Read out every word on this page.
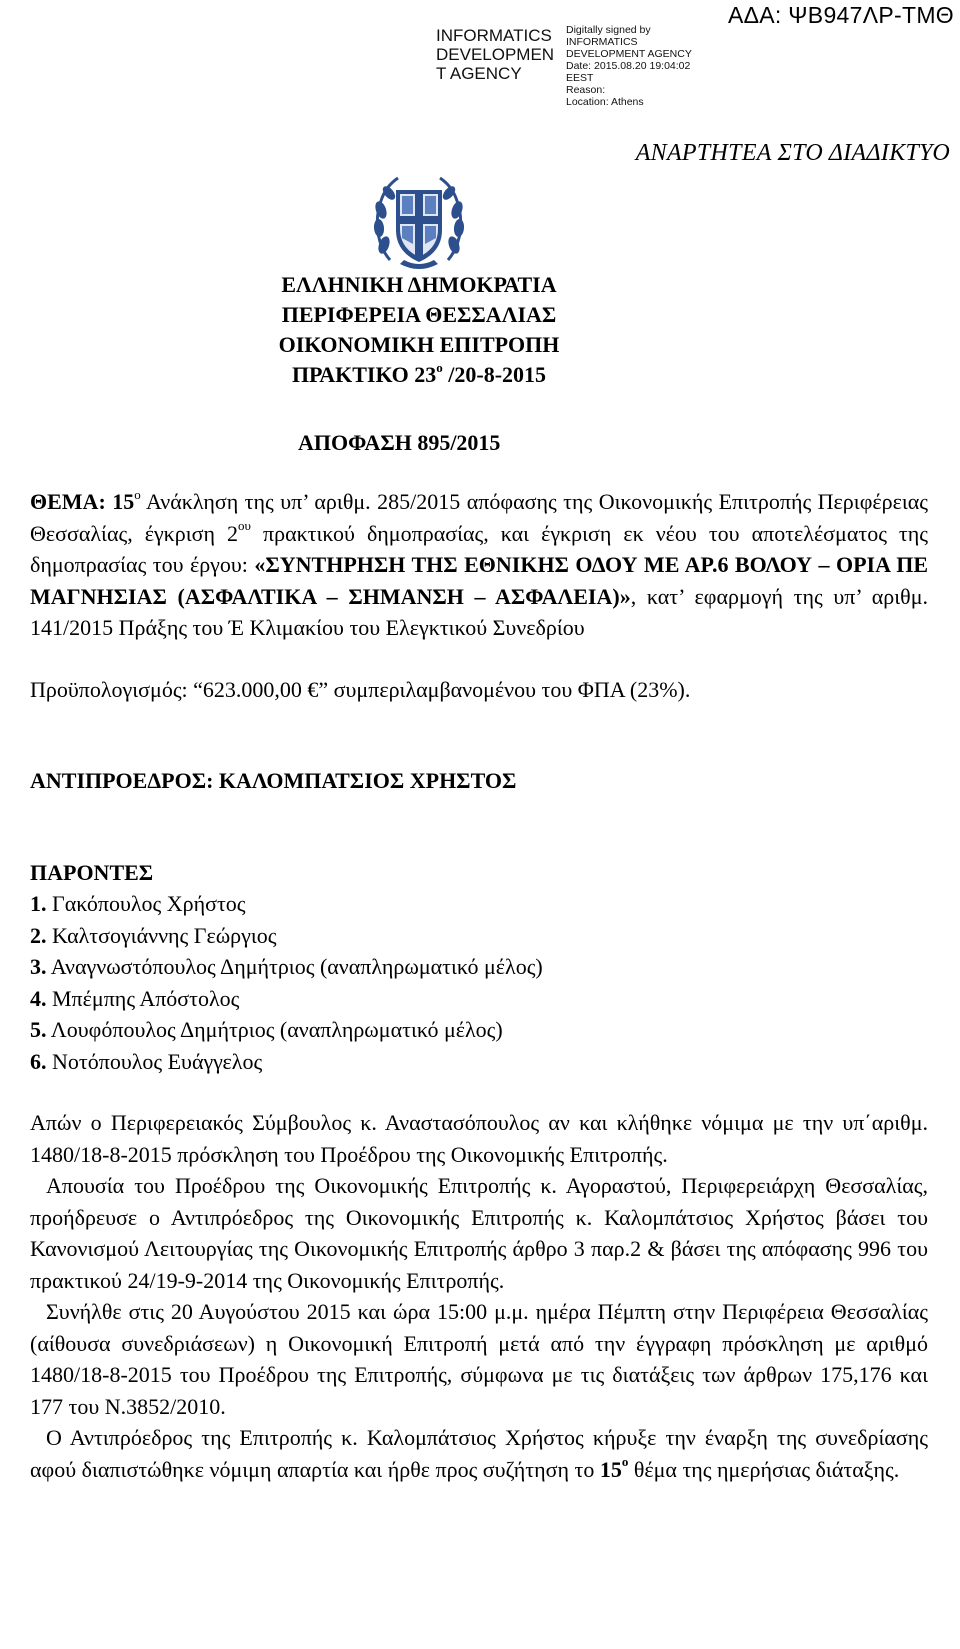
INFORMATICS
DEVELOPMEN
T AGENCY
Digitally signed by
INFORMATICS
DEVELOPMENT AGENCY
Date: 2015.08.20 19:04:02
EEST
Reason:
Location: Athens
ΑΔΑ: ΨΒ947ΛΡ-ΤΜΘ
ΑΝΑΡΤΗΤΕΑ ΣΤΟ ΔΙΑΔΙΚΤΥΟ
ΕΛΛΗΝΙΚΗ ΔΗΜΟΚΡΑΤΙΑ
ΠΕΡΙΦΕΡΕΙΑ ΘΕΣΣΑΛΙΑΣ
ΟΙΚΟΝΟΜΙΚΗ ΕΠΙΤΡΟΠΗ
ΠΡΑΚΤΙΚΟ $23^o$ /20-8-2015
ΑΠΟΦΑΣΗ 895/2015

ΘΕΜΑ: $15^o$ Ανάκληση της υπ’ αριθμ. 285/2015 απόφασης της Οικονομικής Επιτροπής Περιφέρειας Θεσσαλίας, έγκριση $2^{o\upsilon}$ πρακτικού δημοπρασίας, και έγκριση εκ νέου του αποτελέσματος της δημοπρασίας του έργου: «ΣΥΝΤΗΡΗΣΗ ΤΗΣ ΕΘΝΙΚΗΣ ΟΔΟΥ ΜΕ ΑΡ.6 ΒΟΛΟΥ – ΟΡΙΑ ΠΕ ΜΑΓΝΗΣΙΑΣ (ΑΣΦΑΛΤΙΚΑ – ΣΗΜΑΝΣΗ – ΑΣΦΑΛΕΙΑ)», κατ’ εφαρμογή της υπ’ αριθμ. 141/2015 Πράξης του Έ Κλιμακίου του Ελεγκτικού Συνεδρίου

Προϋπολογισμός: “623.000,00 €” συμπεριλαμβανομένου του ΦΠΑ (23%).

ΑΝΤΙΠΡΟΕΔΡΟΣ: ΚΑΛΟΜΠΑΤΣΙΟΣ ΧΡΗΣΤΟΣ

ΠΑΡΟΝΤΕΣ

1. Γακόπουλος Χρήστος
2. Καλτσογιάννης Γεώργιος
3. Αναγνωστόπουλος Δημήτριος (αναπληρωματικό μέλος)
4. Μπέμπης Απόστολος
5. Λουφόπουλος Δημήτριος (αναπληρωματικό μέλος)
6. Νοτόπουλος Ευάγγελος

Απών ο Περιφερειακός Σύμβουλος κ. Αναστασόπουλος αν και κλήθηκε νόμιμα με την υπ΄αριθμ. 1480/18-8-2015 πρόσκληση του Προέδρου της Οικονομικής Επιτροπής.

Απουσία του Προέδρου της Οικονομικής Επιτροπής κ. Αγοραστού, Περιφερειάρχη Θεσσαλίας, προήδρευσε ο Αντιπρόεδρος της Οικονομικής Επιτροπής κ. Καλομπάτσιος Χρήστος βάσει του Κανονισμού Λειτουργίας της Οικονομικής Επιτροπής άρθρο 3 παρ.2 & βάσει της απόφασης 996 του πρακτικού 24/19-9-2014 της Οικονομικής Επιτροπής.

Συνήλθε στις 20 Αυγούστου 2015 και ώρα 15:00 μ.μ. ημέρα Πέμπτη στην Περιφέρεια Θεσσαλίας (αίθουσα συνεδριάσεων) η Οικονομική Επιτροπή μετά από την έγγραφη πρόσκληση με αριθμό 1480/18-8-2015 του Προέδρου της Επιτροπής, σύμφωνα με τις διατάξεις των άρθρων 175,176 και 177 του Ν.3852/2010.

Ο Αντιπρόεδρος της Επιτροπής κ. Καλομπάτσιος Χρήστος κήρυξε την έναρξη της συνεδρίασης αφού διαπιστώθηκε νόμιμη απαρτία και ήρθε προς συζήτηση το $15^o$ θέμα της ημερήσιας διάταξης.
